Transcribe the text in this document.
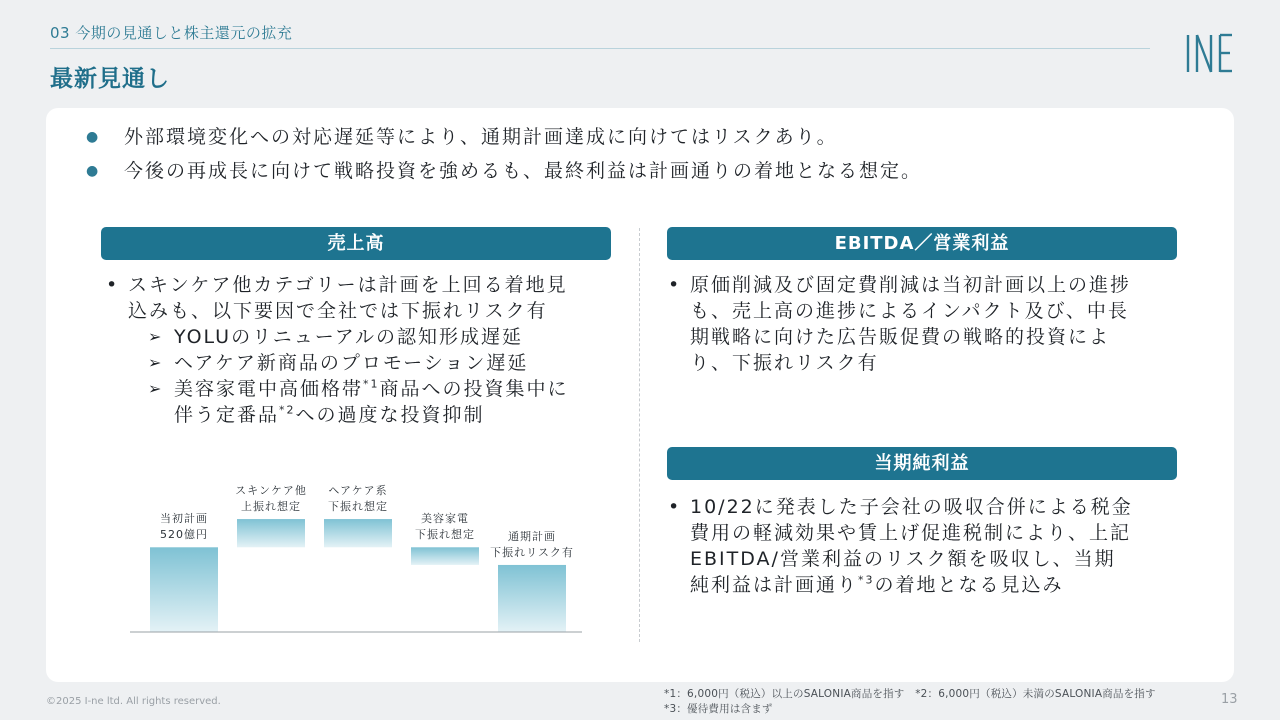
03 今期の見通しと株主還元の拡充
最新見通し
● 外部環境変化への対応遅延等により、通期計画達成に向けてはリスクあり。
● 今後の再成長に向けて戦略投資を強めるも、最終利益は計画通りの着地となる想定。
売上高
• スキンケア他カテゴリーは計画を上回る着地見
込みも、以下要因で全社では下振れリスク有
➢ YOLUのリニューアルの認知形成遅延
➢ ヘアケア新商品のプロモーション遅延
➢ 美容家電中高価格帯$^{*1}$商品への投資集中に
伴う定番品$^{*2}$への過度な投資抑制
当初計画
520億円
スキンケア他
上振れ想定
ヘアケア系
下振れ想定
美容家電
下振れ想定	通期計画
下振れリスク有
EBITDA／営業利益
• 原価削減及び固定費削減は当初計画以上の進捗
も、売上高の進捗によるインパクト及び、中長
期戦略に向けた広告販促費の戦略的投資によ
り、下振れリスク有
当期純利益
• 10/22に発表した子会社の吸収合併による税金
費用の軽減効果や賃上げ促進税制により、上記
EBITDA/営業利益のリスク額を吸収し、当期
純利益は計画通り$^{*3}$の着地となる見込み
©2025 I-ne ltd. All rights reserved.
*1：6,000円（税込）以上のSALONIA商品を指す　*2：6,000円（税込）未満のSALONIA商品を指す
*3：優待費用は含まず
13
